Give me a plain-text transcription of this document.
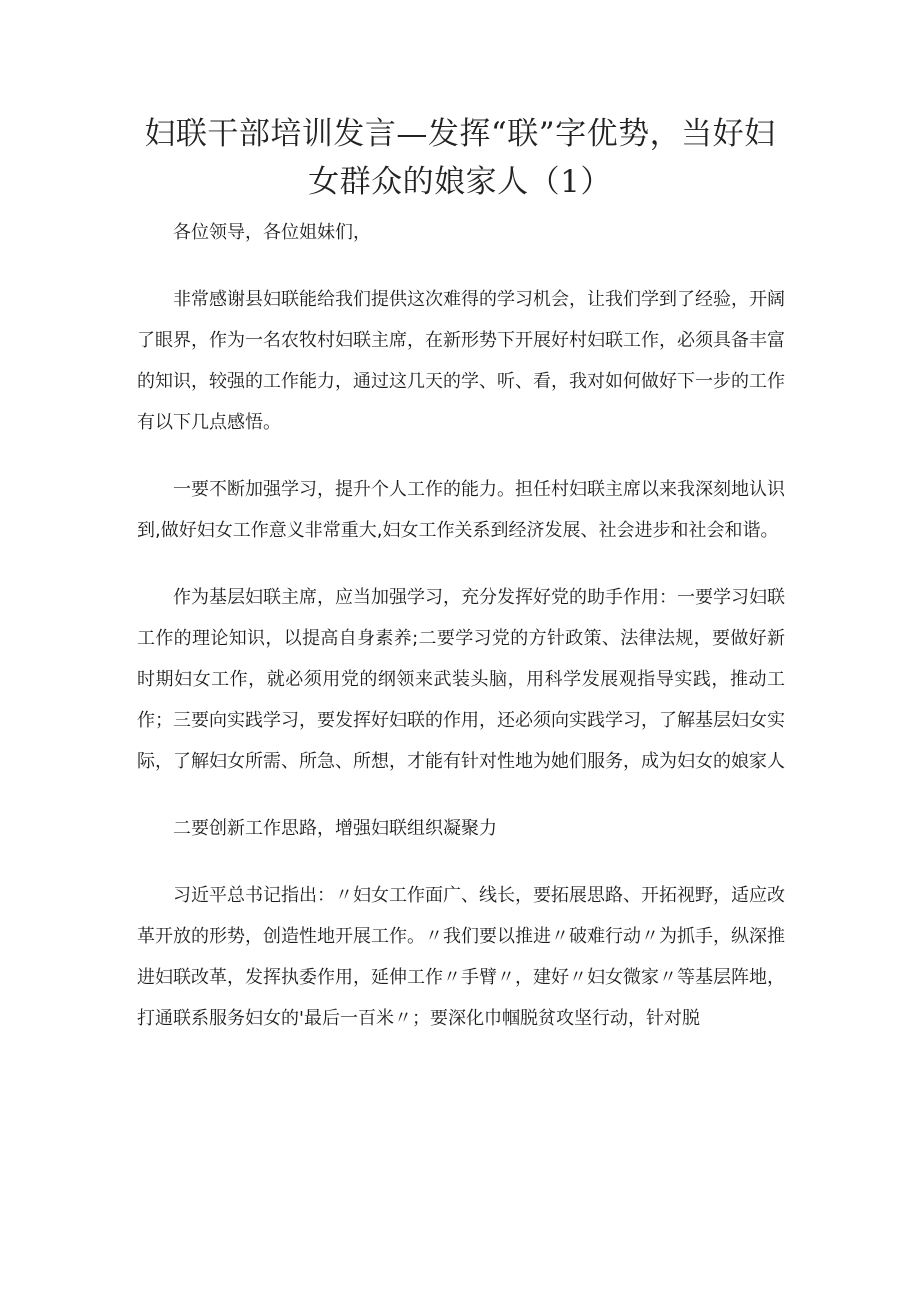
妇联干部培训发言—发挥“联”字优势，当好妇女群众的娘家人（1）

各位领导，各位姐妹们，

非常感谢县妇联能给我们提供这次难得的学习机会，让我们学到了经验，开阔了眼界，作为一名农牧村妇联主席，在新形势下开展好村妇联工作，必须具备丰富的知识，较强的工作能力，通过这几天的学、听、看，我对如何做好下一步的工作有以下几点感悟。

一要不断加强学习，提升个人工作的能力。担任村妇联主席以来我深刻地认识到,做好妇女工作意义非常重大,妇女工作关系到经济发展、社会进步和社会和谐。

作为基层妇联主席，应当加强学习，充分发挥好党的助手作用：一要学习妇联工作的理论知识，以提高自身素养;二要学习党的方针政策、法律法规，要做好新时期妇女工作，就必须用党的纲领来武装头脑，用科学发展观指导实践，推动工作；三要向实践学习，要发挥好妇联的作用，还必须向实践学习，了解基层妇女实际，了解妇女所需、所急、所想，才能有针对性地为她们服务，成为妇女的娘家人

二要创新工作思路，增强妇联组织凝聚力

习近平总书记指出：〃妇女工作面广、线长，要拓展思路、开拓视野，适应改革开放的形势，创造性地开展工作。〃我们要以推进〃破难行动〃为抓手，纵深推进妇联改革，发挥执委作用，延伸工作〃手臂〃，建好〃妇女微家〃等基层阵地，打通联系服务妇女的'最后一百米〃；要深化巾帼脱贫攻坚行动，针对脱
